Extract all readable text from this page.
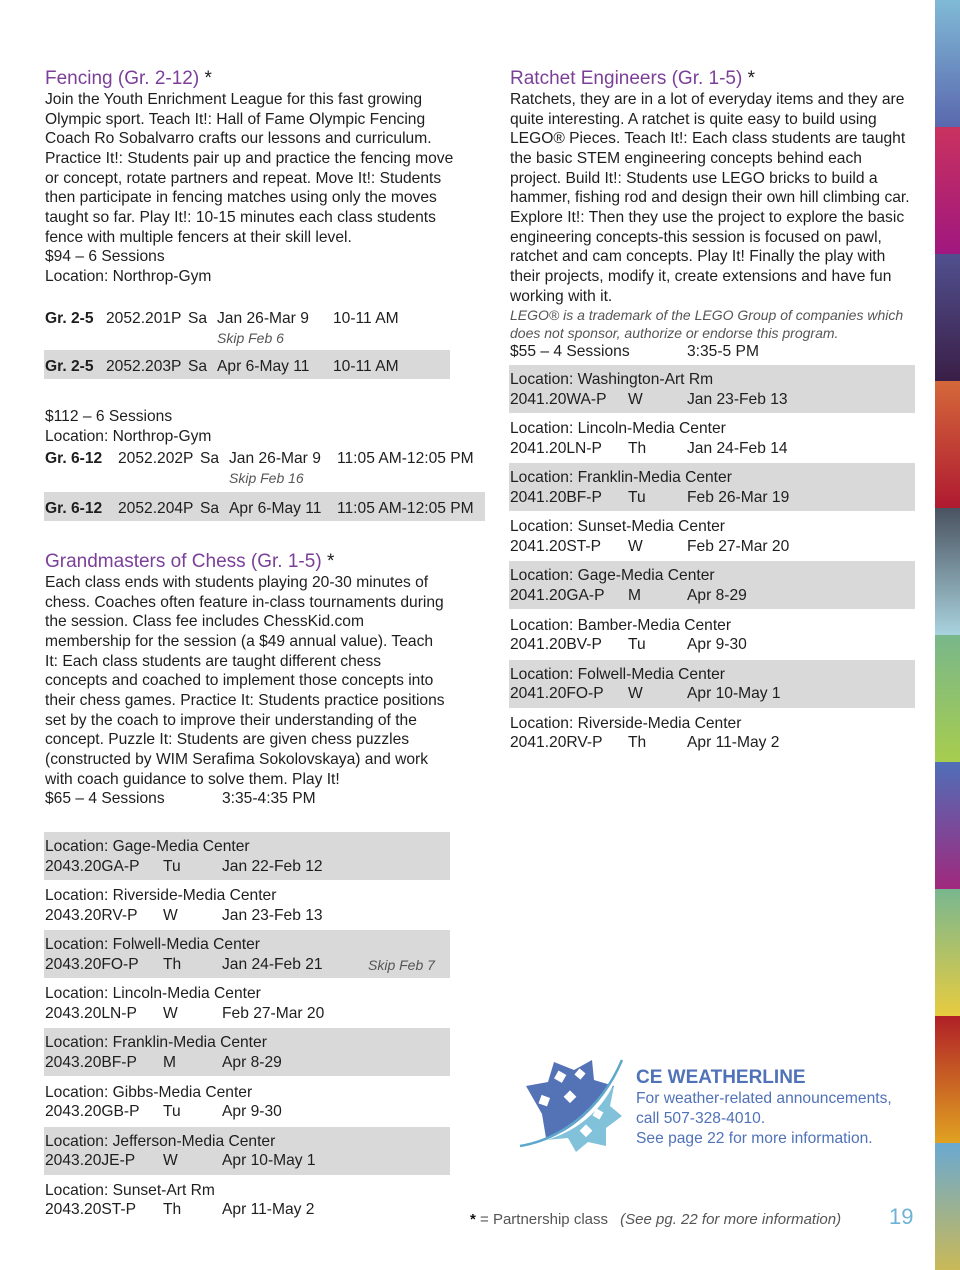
Fencing (Gr. 2-12) *
Join the Youth Enrichment League for this fast growing Olympic sport. Teach It!: Hall of Fame Olympic Fencing Coach Ro Sobalvarro crafts our lessons and curriculum. Practice It!: Students pair up and practice the fencing move or concept, rotate partners and repeat. Move It!: Students then participate in fencing matches using only the moves taught so far. Play It!: 10-15 minutes each class students fence with multiple fencers at their skill level.
$94 – 6 Sessions
Location: Northrop-Gym
Gr. 2-5 2052.201P Sa Jan 26-Mar 9 10-11 AM
Skip Feb 6
Gr. 2-5 2052.203P Sa Apr 6-May 11 10-11 AM
$112 – 6 Sessions
Location: Northrop-Gym
Gr. 6-12 2052.202P Sa Jan 26-Mar 9 11:05 AM-12:05 PM
Skip Feb 16
Gr. 6-12 2052.204P Sa Apr 6-May 11 11:05 AM-12:05 PM
Grandmasters of Chess (Gr. 1-5) *
Each class ends with students playing 20-30 minutes of chess. Coaches often feature in-class tournaments during the session. Class fee includes ChessKid.com membership for the session (a $49 annual value). Teach It: Each class students are taught different chess concepts and coached to implement those concepts into their chess games. Practice It: Students practice positions set by the coach to improve their understanding of the concept. Puzzle It: Students are given chess puzzles (constructed by WIM Serafima Sokolovskaya) and work with coach guidance to solve them. Play It!
$65 – 4 Sessions	3:35-4:35 PM
Location: Gage-Media Center
2043.20GA-P Tu	Jan 22-Feb 12
Location: Riverside-Media Center
2043.20RV-P W	Jan 23-Feb 13
Location: Folwell-Media Center
2043.20FO-P Th	Jan 24-Feb 21	Skip Feb 7
Location: Lincoln-Media Center
2043.20LN-P W	Feb 27-Mar 20
Location: Franklin-Media Center
2043.20BF-P M	Apr 8-29
Location: Gibbs-Media Center
2043.20GB-P Tu	Apr 9-30
Location: Jefferson-Media Center
2043.20JE-P W	Apr 10-May 1
Location: Sunset-Art Rm
2043.20ST-P Th	Apr 11-May 2
Ratchet Engineers (Gr. 1-5) *
Ratchets, they are in a lot of everyday items and they are quite interesting. A ratchet is quite easy to build using LEGO® Pieces. Teach It!: Each class students are taught the basic STEM engineering concepts behind each project. Build It!: Students use LEGO bricks to build a hammer, fishing rod and design their own hill climbing car. Explore It!: Then they use the project to explore the basic engineering concepts-this session is focused on pawl, ratchet and cam concepts. Play It! Finally the play with their projects, modify it, create extensions and have fun working with it.
LEGO® is a trademark of the LEGO Group of companies which does not sponsor, authorize or endorse this program.
$55 – 4 Sessions	3:35-5 PM
Location: Washington-Art Rm
2041.20WA-P W	Jan 23-Feb 13
Location: Lincoln-Media Center
2041.20LN-P Th	Jan 24-Feb 14
Location: Franklin-Media Center
2041.20BF-P Tu	Feb 26-Mar 19
Location: Sunset-Media Center
2041.20ST-P W	Feb 27-Mar 20
Location: Gage-Media Center
2041.20GA-P M	Apr 8-29
Location: Bamber-Media Center
2041.20BV-P Tu	Apr 9-30
Location: Folwell-Media Center
2041.20FO-P W	Apr 10-May 1
Location: Riverside-Media Center
2041.20RV-P Th	Apr 11-May 2
CE WEATHERLINE
For weather-related announcements,
call 507-328-4010.
See page 22 for more information.
* = Partnership class (See pg. 22 for more information) 19
